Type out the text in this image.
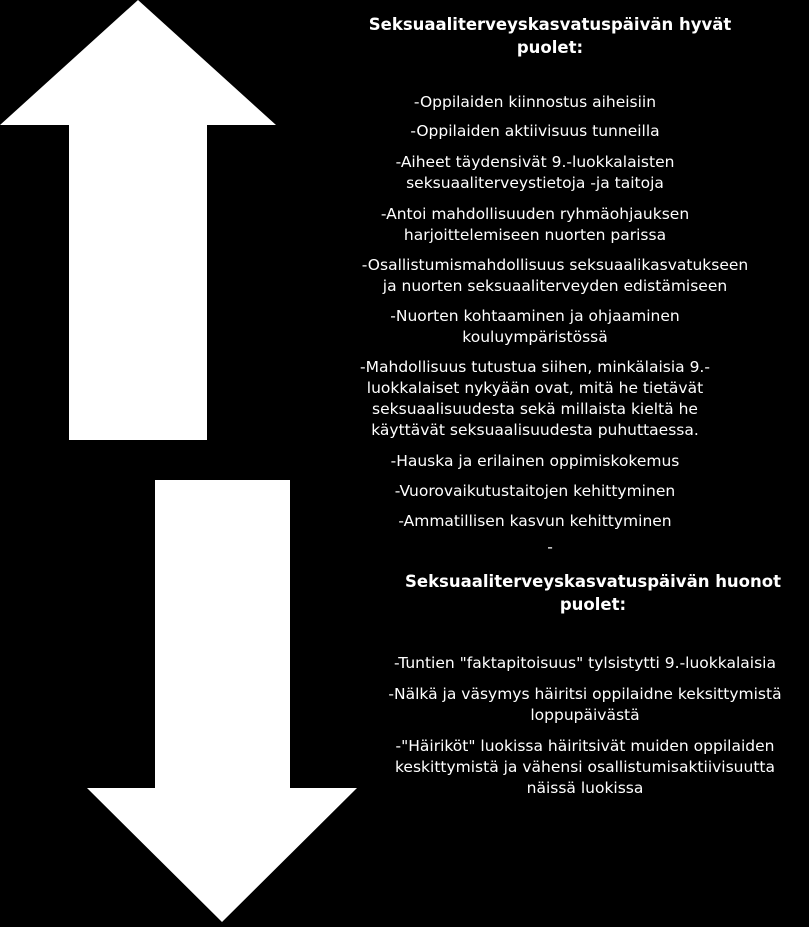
Seksuaaliterveyskasvatuspäivän hyvät
puolet:
-Oppilaiden kiinnostus aiheisiin
-Oppilaiden aktiivisuus tunneilla
-Aiheet täydensivät 9.-luokkalaisten
seksuaaliterveystietoja -ja taitoja
-Antoi mahdollisuuden ryhmäohjauksen
harjoittelemiseen nuorten parissa
-Osallistumismahdollisuus seksuaalikasvatukseen
ja nuorten seksuaaliterveyden edistämiseen
-Nuorten kohtaaminen ja ohjaaminen
kouluympäristössä
-Mahdollisuus tutustua siihen, minkälaisia 9.-
luokkalaiset nykyään ovat, mitä he tietävät
seksuaalisuudesta sekä millaista kieltä he
käyttävät seksuaalisuudesta puhuttaessa.
-Hauska ja erilainen oppimiskokemus
-Vuorovaikutustaitojen kehittyminen
-Ammatillisen kasvun kehittyminen
-
Seksuaaliterveyskasvatuspäivän huonot
puolet:
-Tuntien "faktapitoisuus" tylsistytti 9.-luokkalaisia
-Nälkä ja väsymys häiritsi oppilaidne keksittymistä
loppupäivästä
-"Häiriköt" luokissa häiritsivät muiden oppilaiden
keskittymistä ja vähensi osallistumisaktiivisuutta
näissä luokissa
